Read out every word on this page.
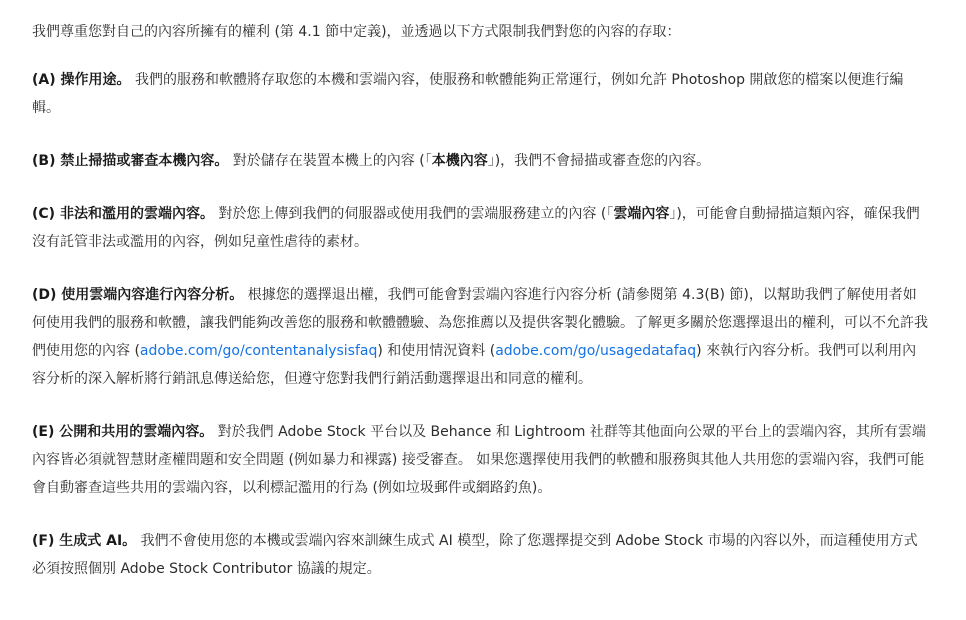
我們尊重您對自己的內容所擁有的權利 (第 4.1 節中定義)，並透過以下方式限制我們對您的內容的存取：

(A) 操作用途。 我們的服務和軟體將存取您的本機和雲端內容，使服務和軟體能夠正常運行，例如允許 Photoshop 開啟您的檔案以便進行編輯。

(B) 禁止掃描或審查本機內容。 對於儲存在裝置本機上的內容 (「本機內容」)，我們不會掃描或審查您的內容。

(C) 非法和濫用的雲端內容。 對於您上傳到我們的伺服器或使用我們的雲端服務建立的內容 (「雲端內容」)，可能會自動掃描這類內容，確保我們沒有託管非法或濫用的內容，例如兒童性虐待的素材。

(D) 使用雲端內容進行內容分析。 根據您的選擇退出權，我們可能會對雲端內容進行內容分析 (請參閱第 4.3(B) 節)，以幫助我們了解使用者如何使用我們的服務和軟體，讓我們能夠改善您的服務和軟體體驗、為您推薦以及提供客製化體驗。了解更多關於您選擇退出的權利，可以不允許我們使用您的內容 (adobe.com/go/contentanalysisfaq) 和使用情況資料 (adobe.com/go/usagedatafaq) 來執行內容分析。我們可以利用內容分析的深入解析將行銷訊息傳送給您，但遵守您對我們行銷活動選擇退出和同意的權利。

(E) 公開和共用的雲端內容。 對於我們 Adobe Stock 平台以及 Behance 和 Lightroom 社群等其他面向公眾的平台上的雲端內容，其所有雲端內容皆必須就智慧財產權問題和安全問題 (例如暴力和裸露) 接受審查。 如果您選擇使用我們的軟體和服務與其他人共用您的雲端內容，我們可能會自動審查這些共用的雲端內容，以利標記濫用的行為 (例如垃圾郵件或網路釣魚)。

(F) 生成式 AI。 我們不會使用您的本機或雲端內容來訓練生成式 AI 模型，除了您選擇提交到 Adobe Stock 市場的內容以外，而這種使用方式必須按照個別 Adobe Stock Contributor 協議的規定。
